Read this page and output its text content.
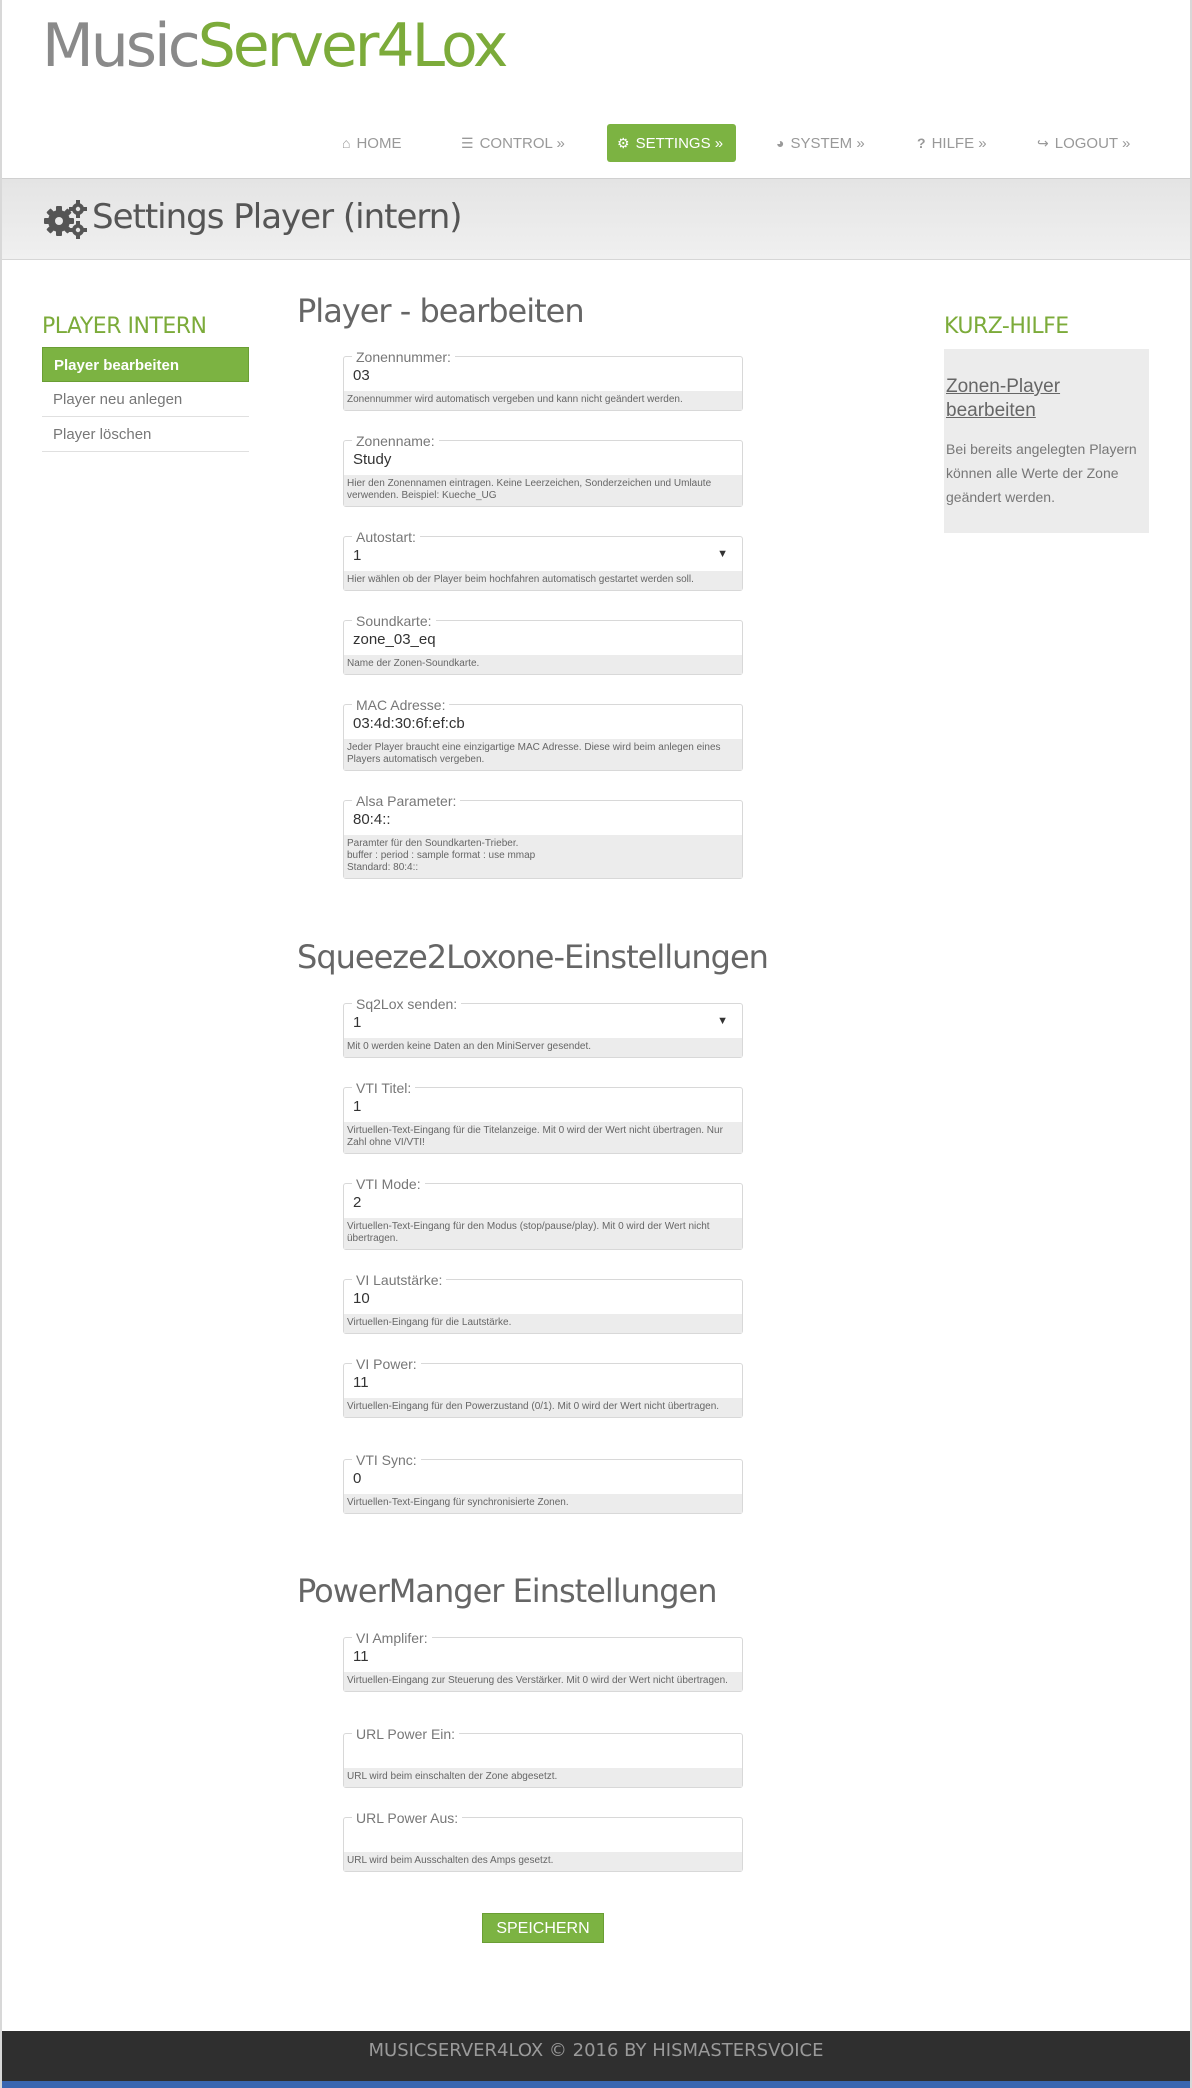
MusicServer4Lox
⌂ HOME	☰ CONTROL »	⚙ SETTINGS »	◕ SYSTEM »	? HILFE »	↪ LOGOUT »
Settings Player (intern)
PLAYER INTERN
Player bearbeiten
Player neu anlegen
Player löschen
KURZ-HILFE
Zonen-Player bearbeiten

Bei bereits angelegten Playern können alle Werte der Zone geändert werden.

Player - bearbeiten
Zonennummer:
03
Zonennummer wird automatisch vergeben und kann nicht geändert werden.
Zonenname:
Study
Hier den Zonennamen eintragen. Keine Leerzeichen, Sonderzeichen und Umlaute verwenden. Beispiel: Kueche_UG
Autostart:
1	▼
Hier wählen ob der Player beim hochfahren automatisch gestartet werden soll.
Soundkarte:
zone_03_eq
Name der Zonen-Soundkarte.
MAC Adresse:
03:4d:30:6f:ef:cb
Jeder Player braucht eine einzigartige MAC Adresse. Diese wird beim anlegen eines Players automatisch vergeben.
Alsa Parameter:
80:4::
Paramter für den Soundkarten-Trieber.
buffer : period : sample format : use mmap
Standard: 80:4::
Squeeze2Loxone-Einstellungen
Sq2Lox senden:
1	▼
Mit 0 werden keine Daten an den MiniServer gesendet.
VTI Titel:
1
Virtuellen-Text-Eingang für die Titelanzeige. Mit 0 wird der Wert nicht übertragen. Nur Zahl ohne VI/VTI!
VTI Mode:
2
Virtuellen-Text-Eingang für den Modus (stop/pause/play). Mit 0 wird der Wert nicht übertragen.
VI Lautstärke:
10
Virtuellen-Eingang für die Lautstärke.
VI Power:
11
Virtuellen-Eingang für den Powerzustand (0/1). Mit 0 wird der Wert nicht übertragen.
VTI Sync:
0
Virtuellen-Text-Eingang für synchronisierte Zonen.
PowerManger Einstellungen
VI Amplifer:
11
Virtuellen-Eingang zur Steuerung des Verstärker. Mit 0 wird der Wert nicht übertragen.
URL Power Ein:
URL wird beim einschalten der Zone abgesetzt.
URL Power Aus:
URL wird beim Ausschalten des Amps gesetzt.
SPEICHERN
MUSICSERVER4LOX © 2016 BY HISMASTERSVOICE
